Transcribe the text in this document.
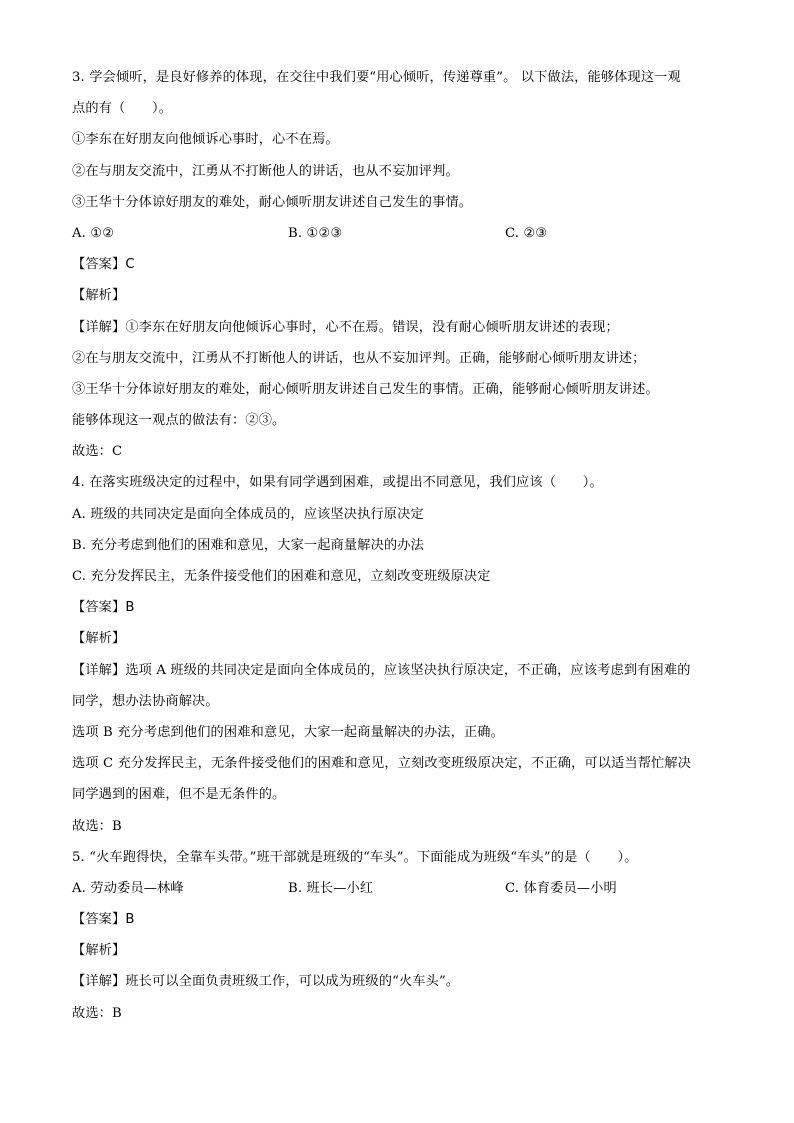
3. 学会倾听，是良好修养的体现，在交往中我们要“用心倾听，传递尊重”。 以下做法，能够体现这一观
点的有（　　）。
①李东在好朋友向他倾诉心事时，心不在焉。
②在与朋友交流中，江勇从不打断他人的讲话，也从不妄加评判。
③王华十分体谅好朋友的难处，耐心倾听朋友讲述自己发生的事情。
A. ①②	B. ①②③	C. ②③
【答案】C
【解析】
【详解】①李东在好朋友向他倾诉心事时，心不在焉。错误，没有耐心倾听朋友讲述的表现；
②在与朋友交流中，江勇从不打断他人的讲话，也从不妄加评判。正确，能够耐心倾听朋友讲述；
③王华十分体谅好朋友的难处，耐心倾听朋友讲述自己发生的事情。正确，能够耐心倾听朋友讲述。
能够体现这一观点的做法有：②③。
故选：C
4. 在落实班级决定的过程中，如果有同学遇到困难，或提出不同意见，我们应该（　　）。
A. 班级的共同决定是面向全体成员的，应该坚决执行原决定
B. 充分考虑到他们的困难和意见，大家一起商量解决的办法
C. 充分发挥民主，无条件接受他们的困难和意见，立刻改变班级原决定
【答案】B
【解析】
【详解】选项 A 班级的共同决定是面向全体成员的，应该坚决执行原决定，不正确，应该考虑到有困难的
同学，想办法协商解决。
选项 B 充分考虑到他们的困难和意见，大家一起商量解决的办法，正确。
选项 C 充分发挥民主，无条件接受他们的困难和意见，立刻改变班级原决定，不正确，可以适当帮忙解决
同学遇到的困难，但不是无条件的。
故选：B
5. “火车跑得快，全靠车头带。”班干部就是班级的“车头”。下面能成为班级“车头”的是（　　）。
A. 劳动委员—林峰	B. 班长—小红	C. 体育委员—小明
【答案】B
【解析】
【详解】班长可以全面负责班级工作，可以成为班级的“火车头”。
故选：B
